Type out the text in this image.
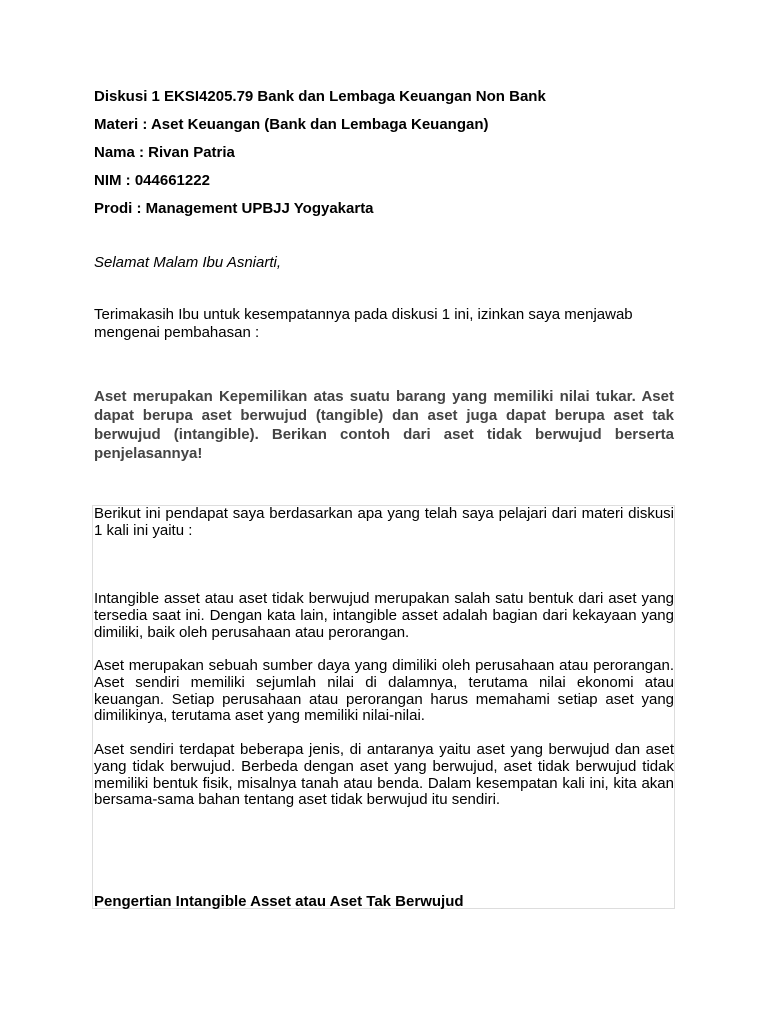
Diskusi 1 EKSI4205.79 Bank dan Lembaga Keuangan Non Bank
Materi : Aset Keuangan (Bank dan Lembaga Keuangan)
Nama : Rivan Patria
NIM : 044661222
Prodi : Management UPBJJ Yogyakarta
Selamat Malam Ibu Asniarti,
Terimakasih Ibu untuk kesempatannya pada diskusi 1 ini, izinkan saya menjawab mengenai pembahasan :
Aset merupakan Kepemilikan atas suatu barang yang memiliki nilai tukar. Aset dapat berupa aset berwujud (tangible) dan aset juga dapat berupa aset tak berwujud (intangible). Berikan contoh dari aset tidak berwujud berserta penjelasannya!
Berikut ini pendapat saya berdasarkan apa yang telah saya pelajari dari materi diskusi 1 kali ini yaitu :
Intangible asset atau aset tidak berwujud merupakan salah satu bentuk dari aset yang tersedia saat ini. Dengan kata lain, intangible asset adalah bagian dari kekayaan yang dimiliki, baik oleh perusahaan atau perorangan.
Aset merupakan sebuah sumber daya yang dimiliki oleh perusahaan atau perorangan. Aset sendiri memiliki sejumlah nilai di dalamnya, terutama nilai ekonomi atau keuangan. Setiap perusahaan atau perorangan harus memahami setiap aset yang dimilikinya, terutama aset yang memiliki nilai-nilai.
Aset sendiri terdapat beberapa jenis, di antaranya yaitu aset yang berwujud dan aset yang tidak berwujud. Berbeda dengan aset yang berwujud, aset tidak berwujud tidak memiliki bentuk fisik, misalnya tanah atau benda. Dalam kesempatan kali ini, kita akan bersama-sama bahan tentang aset tidak berwujud itu sendiri.
Pengertian Intangible Asset atau Aset Tak Berwujud
